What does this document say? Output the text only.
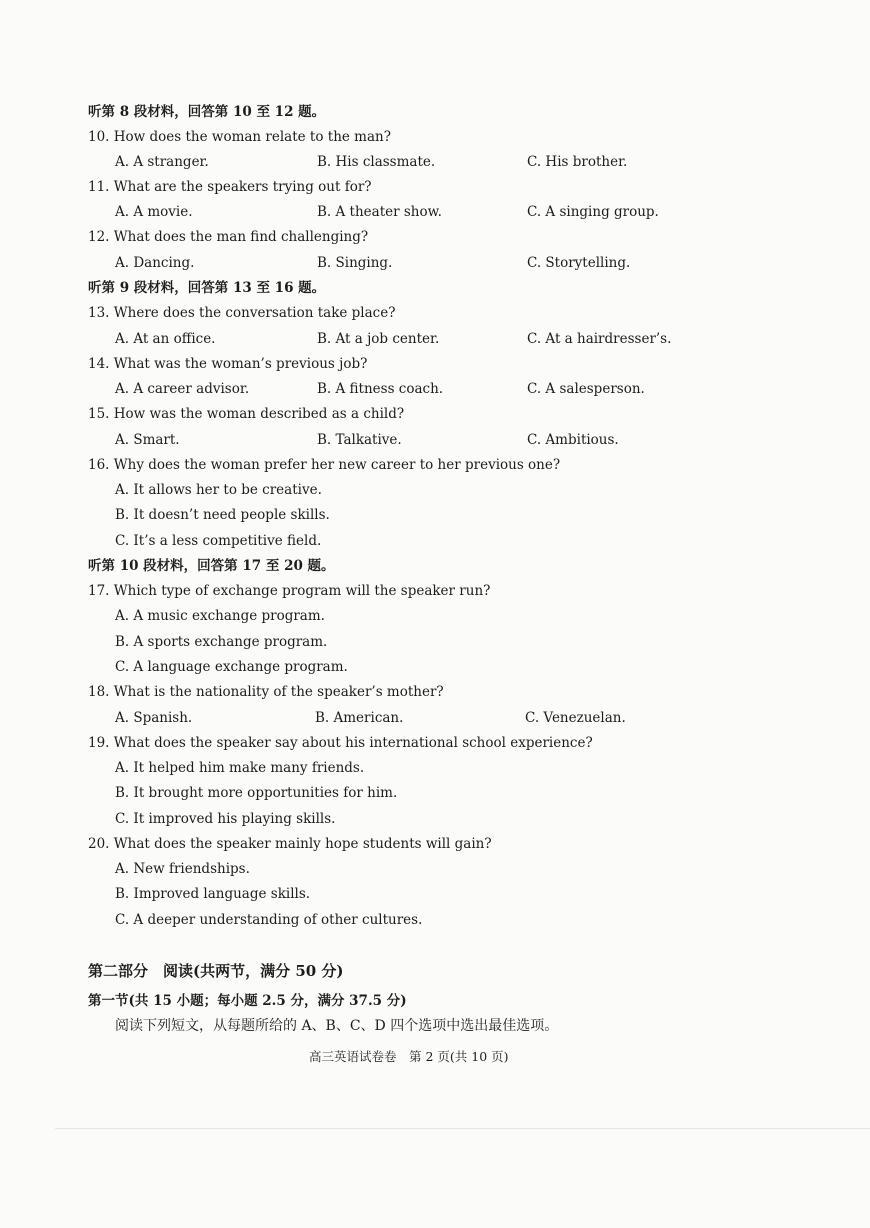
听第 8 段材料，回答第 10 至 12 题。
10. How does the woman relate to the man?
A. A stranger.	B. His classmate.	C. His brother.
11. What are the speakers trying out for?
A. A movie.	B. A theater show.	C. A singing group.
12. What does the man find challenging?
A. Dancing.	B. Singing.	C. Storytelling.
听第 9 段材料，回答第 13 至 16 题。
13. Where does the conversation take place?
A. At an office.	B. At a job center.	C. At a hairdresser’s.
14. What was the woman’s previous job?
A. A career advisor.	B. A fitness coach.	C. A salesperson.
15. How was the woman described as a child?
A. Smart.	B. Talkative.	C. Ambitious.
16. Why does the woman prefer her new career to her previous one?
A. It allows her to be creative.
B. It doesn’t need people skills.
C. It’s a less competitive field.
听第 10 段材料，回答第 17 至 20 题。
17. Which type of exchange program will the speaker run?
A. A music exchange program.
B. A sports exchange program.
C. A language exchange program.
18. What is the nationality of the speaker’s mother?
A. Spanish.	B. American.	C. Venezuelan.
19. What does the speaker say about his international school experience?
A. It helped him make many friends.
B. It brought more opportunities for him.
C. It improved his playing skills.
20. What does the speaker mainly hope students will gain?
A. New friendships.
B. Improved language skills.
C. A deeper understanding of other cultures.
第二部分　阅读(共两节，满分 50 分)
第一节(共 15 小题；每小题 2.5 分，满分 37.5 分)
阅读下列短文，从每题所给的 A、B、C、D 四个选项中选出最佳选项。
高三英语试卷卷　第 2 页(共 10 页)
